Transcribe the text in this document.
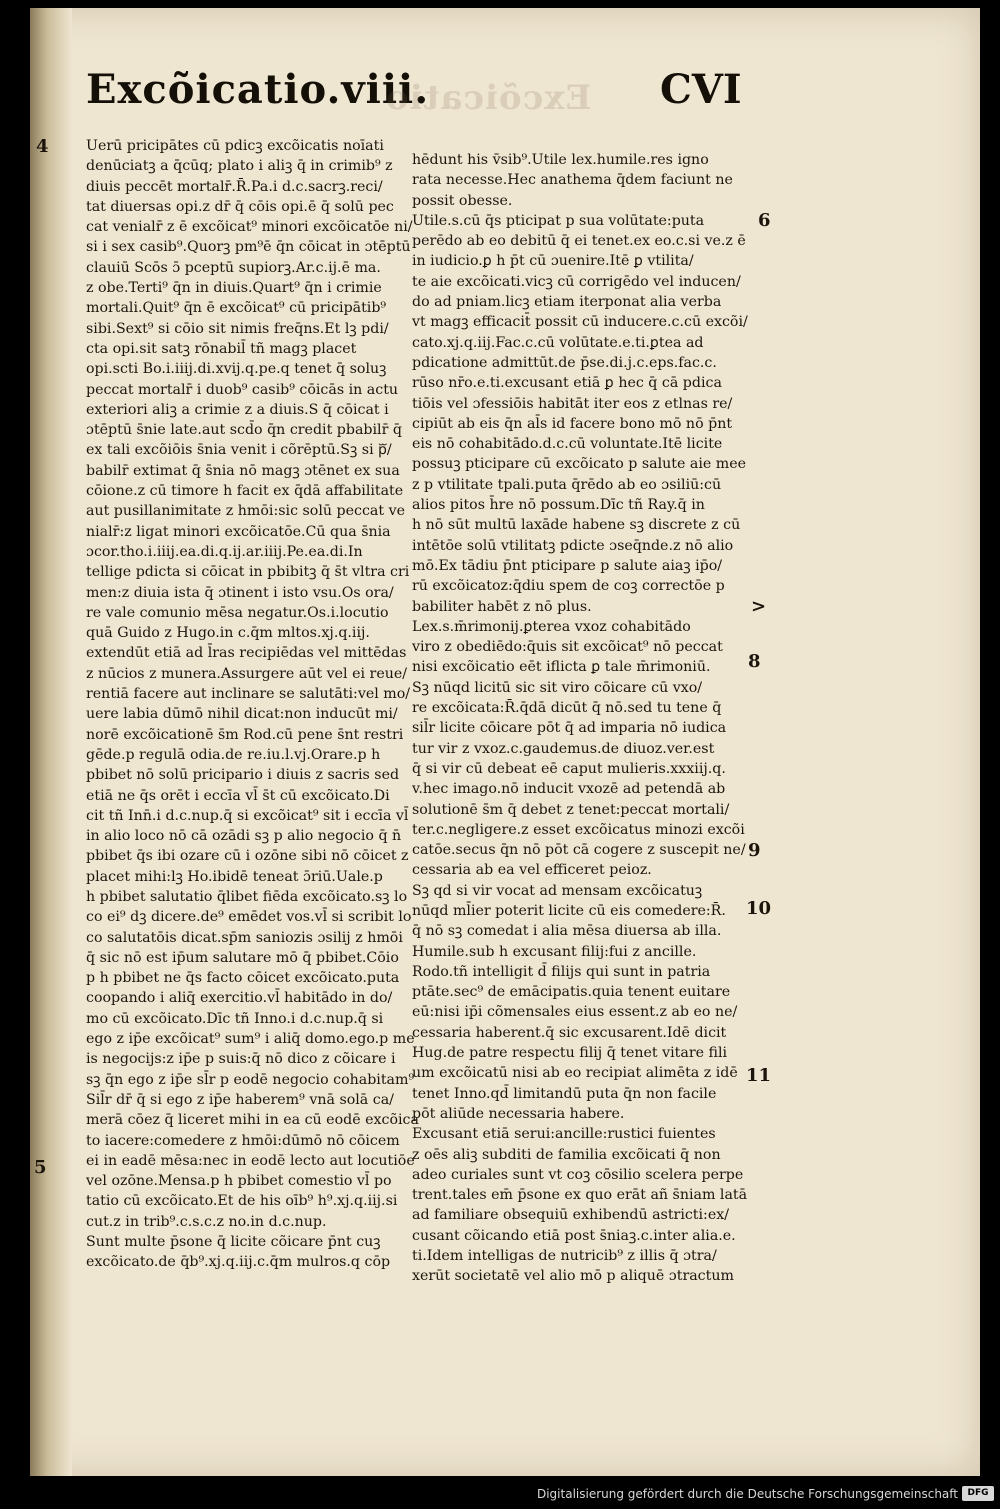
Excõicatio.viii.
Excõicatio CVI
4
5
6
>
8
9
10
11
Uerū pricipātes cū pdicꝫ excõicatis noīati
denūciatꝫ a q̄cūq; plato i aliꝫ q̄ in crimib⁹ z
diuis peccēt mortalr̄.R̄.Pa.i d.c.sacrꝫ.reci/
tat diuersas opi.z dr̄ q̄ cōis opi.ē q̄ solū pec
cat venialr̄ z ē excõicat⁹ minori excõicatōe ni/
si i sex casib⁹.Quorꝫ pm⁹ē q̄n cōicat in ɔtēptū
clauiū Scōs ɔ̄ pceptū supiorꝫ.Ar.c.ij.ē ma.
z obe.Terti⁹ q̄n in diuis.Quart⁹ q̄n i crimie
mortali.Quit⁹ q̄n ē excõicat⁹ cū pricipātib⁹
sibi.Sext⁹ si cōio sit nimis freq̄ns.Et lꝫ pdi/
cta opi.sit satꝫ rōnabil̄ tñ magꝫ placet
opi.scti Bo.i.iiij.di.xvij.q.pe.q tenet q̄ soluꝫ
peccat mortalr̄ i duob⁹ casib⁹ cōicās in actu
exteriori aliꝫ a crimie z a diuis.S q̄ cōicat i
ɔtēptū s̄nie late.aut scd̄o q̄n credit pbabilr̄ q̄
ex tali excõiōis s̄nia venit i cõrēptū.Sꝫ si pᷓ/
babilr̄ extimat q̄ s̄nia nō magꝫ ɔtēnet ex sua
cōione.z cū timore h facit ex q̄dā affabilitate
aut pusillanimitate z hmōi:sic solū peccat ve
nialr̄:z ligat minori excõicatōe.Cū qua s̄nia
ɔcor.tho.i.iiij.ea.di.q.ij.ar.iiij.Pe.ea.di.In
tellige pdicta si cōicat in pbibitꝫ q̄ s̄t vltra cri
men:z diuia ista q̄ ɔtinent i isto vsu.Os ora/
re vale comunio mēsa negatur.Os.i.locutio
quā Guido z Hugo.in c.q̄m mltos.xj.q.iij.
extendūt etiā ad l̄ras recipiēdas vel mittēdas
z nūcios z munera.Assurgere aūt vel ei reue/
rentiā facere aut inclinare se salutāti:vel mo/
uere labia dūmō nihil dicat:non inducūt mi/
norē excõicationē s̄m Rod.cū pene s̄nt restri
gēde.p regulā odia.de re.iu.l.vj.Orare.p h
pbibet nō solū pricipario i diuis z sacris sed
etiā ne q̄s orēt i eccīa vl̄ s̄t cū excõicato.Di
cit tñ Inn̄.i d.c.nup.q̄ si excõicat⁹ sit i eccīa vl̄
in alio loco nō cā ozādi sꝫ p alio negocio q̄ n̄
pbibet q̄s ibi ozare cū i ozōne sibi nō cōicet z
placet mihi:lꝫ Ho.ibidē teneat ɔ̄riū.Uale.p
h pbibet salutatio q̄libet fiēda excõicato.sꝫ lo
co ei⁹ dꝫ dicere.de⁹ emēdet vos.vl̄ si scribit lo
co salutatōis dicat.sp̄m saniozis ɔsilij z hmōi
q̄ sic nō est ip̄um salutare mō q̄ pbibet.Cōio
p h pbibet ne q̄s facto cōicet excõicato.puta
coopando i aliq̄ exercitio.vl̄ habitādo in do/
mo cū excõicato.Dīc tñ Inno.i d.c.nup.q̄ si
ego z ip̄e excõicat⁹ sum⁹ i aliq̄ domo.ego.p me
is negocijs:z ip̄e p suis:q̄ nō dico z cõicare i
sꝫ q̄n ego z ip̄e sl̄r p eodē negocio cohabitam⁹
Sil̄r dr̄ q̄ si ego z ip̄e haberem⁹ vnā solā ca/
merā cōez q̄ liceret mihi in ea cū eodē excõica
to iacere:comedere z hmōi:dūmō nō cōicem
ei in eadē mēsa:nec in eodē lecto aut locutiōe
vel ozōne.Mensa.p h pbibet comestio vl̄ po
tatio cū excõicato.Et de his oīb⁹ h⁹.xj.q.iij.si
cut.z in trib⁹.c.s.c.z no.in d.c.nup.
Sunt multe p̄sone q̄ licite cõicare p̄nt cuꝫ
excõicato.de q̄b⁹.xj.q.iij.c.q̄m mulros.q cōp
hēdunt his v̄sib⁹.Utile lex.humile.res igno
rata necesse.Hec anathema q̄dem faciunt ne
possit obesse.
Utile.s.cū q̄s pticipat p sua volūtate:puta
perēdo ab eo debitū q̄ ei tenet.ex eo.c.si ve.z ē
in iudicio.ꝑ h p̄t cū ɔuenire.Itē ꝑ vtilita/
te aie excõicati.vicꝫ cū corrigēdo vel inducen/
do ad pniam.licꝫ etiam iterponat alia verba
vt magꝫ efficacit̄ possit cū inducere.c.cū excõi/
cato.xj.q.iij.Fac.c.cū volūtate.e.ti.ꝑtea ad
pdicatione admittūt.de p̄se.di.j.c.eps.fac.c.
rūso nr̄o.e.ti.excusant etiā ꝑ hec q̄ cā pdica
tiōis vel ɔfessiōis habitāt iter eos z etlnas re/
cipiūt ab eis q̄n al̄s id facere bono mō nō p̄nt
eis nō cohabitādo.d.c.cū voluntate.Itē licite
possuꝫ pticipare cū excõicato p salute aie mee
z p vtilitate tpali.puta q̄rēdo ab eo ɔsiliū:cū
alios pitos h̄re nō possum.Dīc tñ Ray.q̄ in
h nō sūt multū laxāde habene sꝫ discrete z cū
intētōe solū vtilitatꝫ pdicte ɔseq̄nde.z nō alio
mō.Ex tādiu p̄nt pticipare p salute aiaꝫ ip̄o/
rū excõicatoz:q̄diu spem de coꝫ correctōe p
babiliter habēt z nō plus.
Lex.s.m̄rimonij.ꝑterea vxoz cohabitādo
viro z obediēdo:q̄uis sit excõicat⁹ nō peccat
nisi excõicatio eēt iflicta ꝑ tale m̄rimoniū.
Sꝫ nūqd licitū sic sit viro cōicare cū vxo/
re excõicata:R̄.q̄dā dicūt q̄ nō.sed tu tene q̄
sil̄r licite cōicare pōt q̄ ad imparia nō iudica
tur vir z vxoz.c.gaudemus.de diuoz.ver.est
q̄ si vir cū debeat eē caput mulieris.xxxiij.q.
v.hec imago.nō inducit vxozē ad petendā ab
solutionē s̄m q̄ debet z tenet:peccat mortali/
ter.c.negligere.z esset excõicatus minozi excõi
catōe.secus q̄n nō pōt cā cogere z suscepit ne/
cessaria ab ea vel efficeret peioz.
Sꝫ qd si vir vocat ad mensam excõicatuꝫ
nūqd ml̄ier poterit licite cū eis comedere:R̄.
q̄ nō sꝫ comedat i alia mēsa diuersa ab illa.
Humile.sub h excusant filij:fui z ancille.
Rodo.tñ intelligit d̄ filijs qui sunt in patria
ptāte.sec⁹ de emācipatis.quia tenent euitare
eū:nisi ip̄i cõmensales eius essent.z ab eo ne/
cessaria haberent.q̄ sic excusarent.Idē dicit
Hug.de patre respectu filij q̄ tenet vitare fili
um excõicatū nisi ab eo recipiat alimēta z idē
tenet Inno.qd̄ limitandū puta q̄n non facile
pōt aliūde necessaria habere.
Excusant etiā serui:ancille:rustici fuientes
z oēs aliꝫ subditi de familia excõicati q̄ non
adeo curiales sunt vt coꝫ cōsilio scelera perpe
trent.tales em̄ p̄sone ex quo erāt añ s̄niam latā
ad familiare obsequiū exhibendū astricti:ex/
cusant cõicando etiā post s̄niaꝫ.c.inter alia.e.
ti.Idem intelligas de nutricib⁹ z illis q̄ ɔtra/
xerūt societatē vel alio mō p aliquē ɔtractum
Digitalisierung gefördert durch die Deutsche Forschungsgemeinschaft	DFG
